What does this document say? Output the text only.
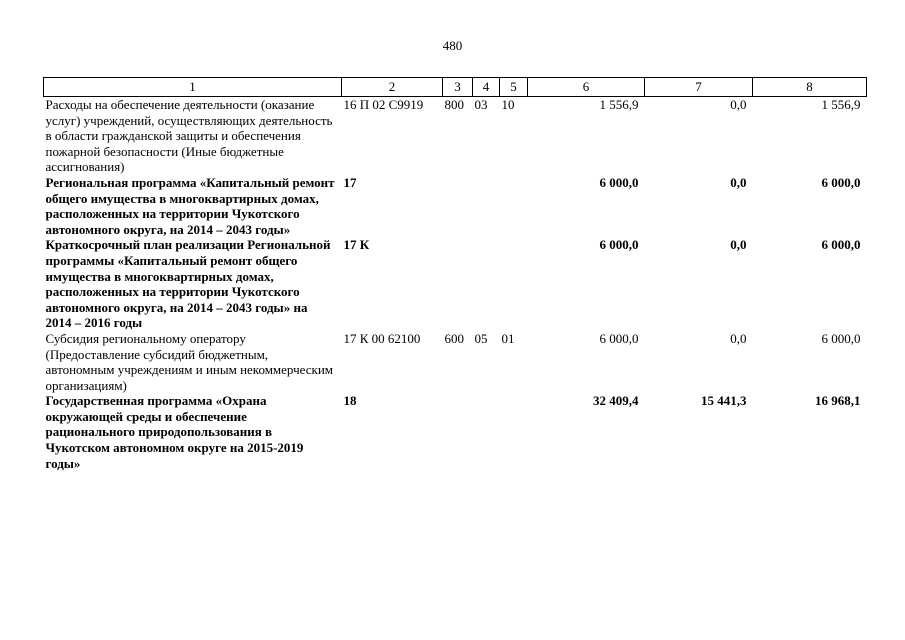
480
1	2	3	4	5	6	7	8
Расходы на обеспечение деятельности (оказание услуг) учреждений, осуществляющих деятельность в области гражданской защиты и обеспечения пожарной безопасности (Иные бюджетные ассигнования)	16 П 02 С9919	800	03	10	1 556,9	0,0	1 556,9
Региональная программа «Капитальный ремонт общего имущества в многоквартирных домах, расположенных на территории Чукотского автономного округа, на 2014 – 2043 годы»	17				6 000,0	0,0	6 000,0
Краткосрочный план реализации Региональной программы «Капитальный ремонт общего имущества в многоквартирных домах, расположенных на территории Чукотского автономного округа, на 2014 – 2043 годы» на 2014 – 2016 годы	17 К				6 000,0	0,0	6 000,0
Субсидия региональному оператору (Предоставление субсидий бюджетным, автономным учреждениям и иным некоммерческим организациям)	17 К 00 62100	600	05	01	6 000,0	0,0	6 000,0
Государственная программа «Охрана окружающей среды и обеспечение рационального природопользования в Чукотском автономном округе на 2015-2019 годы»	18				32 409,4	15 441,3	16 968,1
